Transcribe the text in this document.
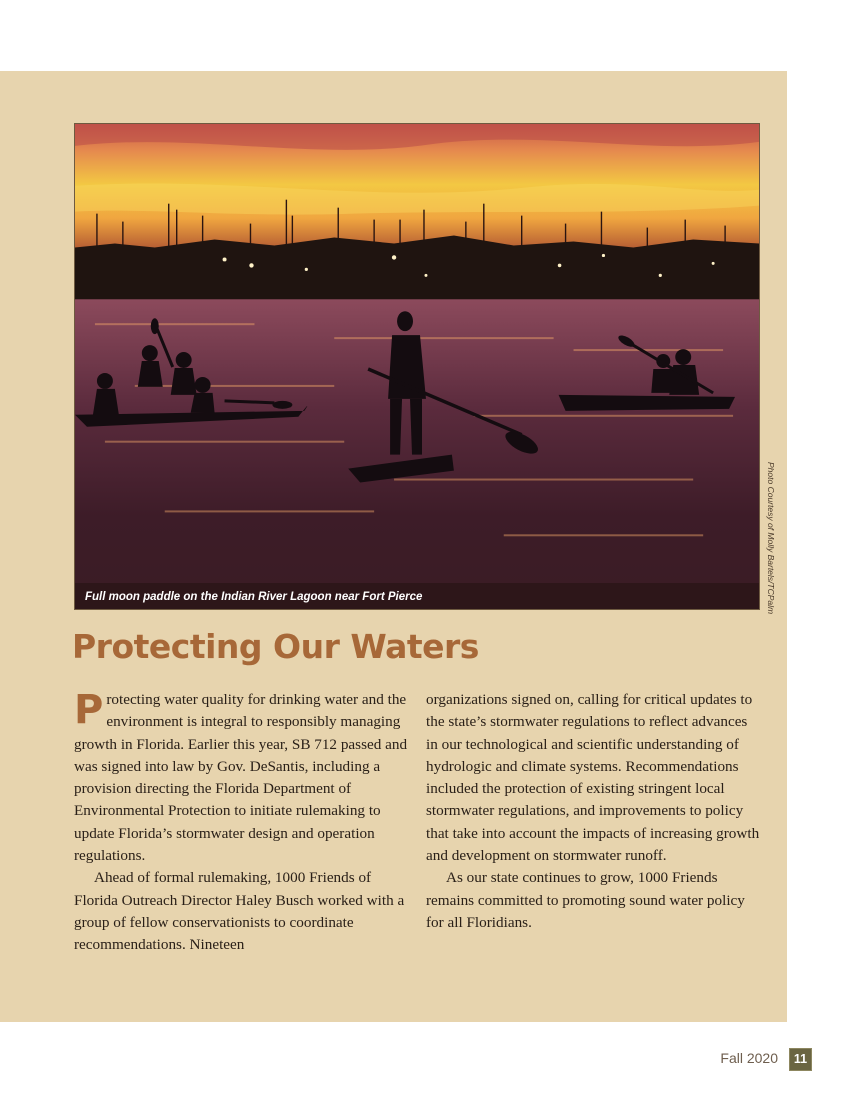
Full moon paddle on the Indian River Lagoon near Fort Pierce	Photo Courtesy of Molly Bartels/TCPalm
Protecting Our Waters

Protecting water quality for drinking water and the environment is integral to responsibly managing growth in Florida. Earlier this year, SB 712 passed and was signed into law by Gov. DeSantis, including a provision directing the Florida Department of Environmental Protection to initiate rulemaking to update Florida’s stormwater design and operation regulations.

Ahead of formal rulemaking, 1000 Friends of Florida Outreach Director Haley Busch worked with a group of fellow conservationists to coordinate recommendations. Nineteen

organizations signed on, calling for critical updates to the state’s stormwater regulations to reflect advances in our technological and scientific understanding of hydrologic and climate systems. Recommendations included the protection of existing stringent local stormwater regulations, and improvements to policy that take into account the impacts of increasing growth and development on stormwater runoff.

As our state continues to grow, 1000 Friends remains committed to promoting sound water policy for all Floridians.

Fall 2020	11
